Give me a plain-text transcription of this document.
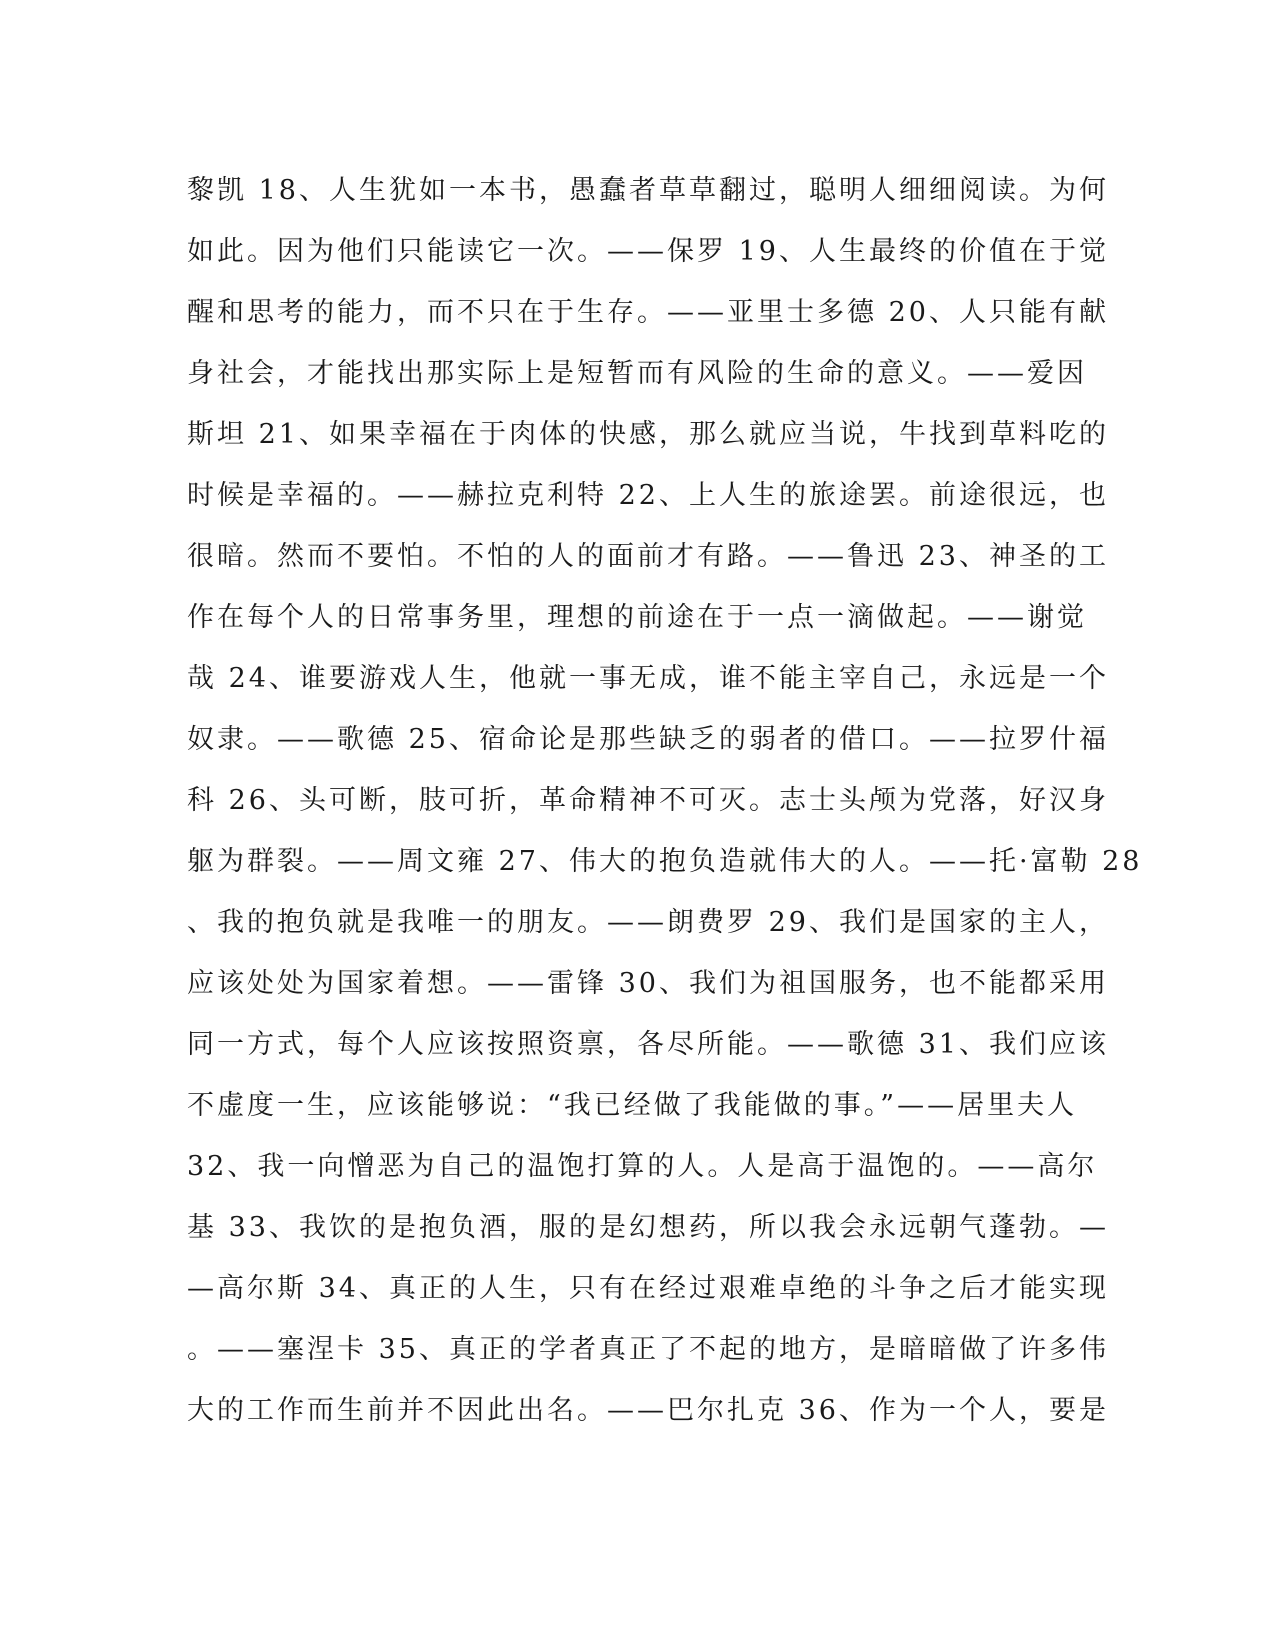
黎凯 18、人生犹如一本书，愚蠢者草草翻过，聪明人细细阅读。为何
如此。因为他们只能读它一次。——保罗 19、人生最终的价值在于觉
醒和思考的能力，而不只在于生存。——亚里士多德 20、人只能有献
身社会，才能找出那实际上是短暂而有风险的生命的意义。——爱因
斯坦 21、如果幸福在于肉体的快感，那么就应当说，牛找到草料吃的
时候是幸福的。——赫拉克利特 22、上人生的旅途罢。前途很远，也
很暗。然而不要怕。不怕的人的面前才有路。——鲁迅 23、神圣的工
作在每个人的日常事务里，理想的前途在于一点一滴做起。——谢觉
哉 24、谁要游戏人生，他就一事无成，谁不能主宰自己，永远是一个
奴隶。——歌德 25、宿命论是那些缺乏的弱者的借口。——拉罗什福
科 26、头可断，肢可折，革命精神不可灭。志士头颅为党落，好汉身
躯为群裂。——周文雍 27、伟大的抱负造就伟大的人。——托·富勒 28
、我的抱负就是我唯一的朋友。——朗费罗 29、我们是国家的主人，
应该处处为国家着想。——雷锋 30、我们为祖国服务，也不能都采用
同一方式，每个人应该按照资禀，各尽所能。——歌德 31、我们应该
不虚度一生，应该能够说：“我已经做了我能做的事。”——居里夫人
32、我一向憎恶为自己的温饱打算的人。人是高于温饱的。——高尔
基 33、我饮的是抱负酒，服的是幻想药，所以我会永远朝气蓬勃。—
—高尔斯 34、真正的人生，只有在经过艰难卓绝的斗争之后才能实现
。——塞涅卡 35、真正的学者真正了不起的地方，是暗暗做了许多伟
大的工作而生前并不因此出名。——巴尔扎克 36、作为一个人，要是
